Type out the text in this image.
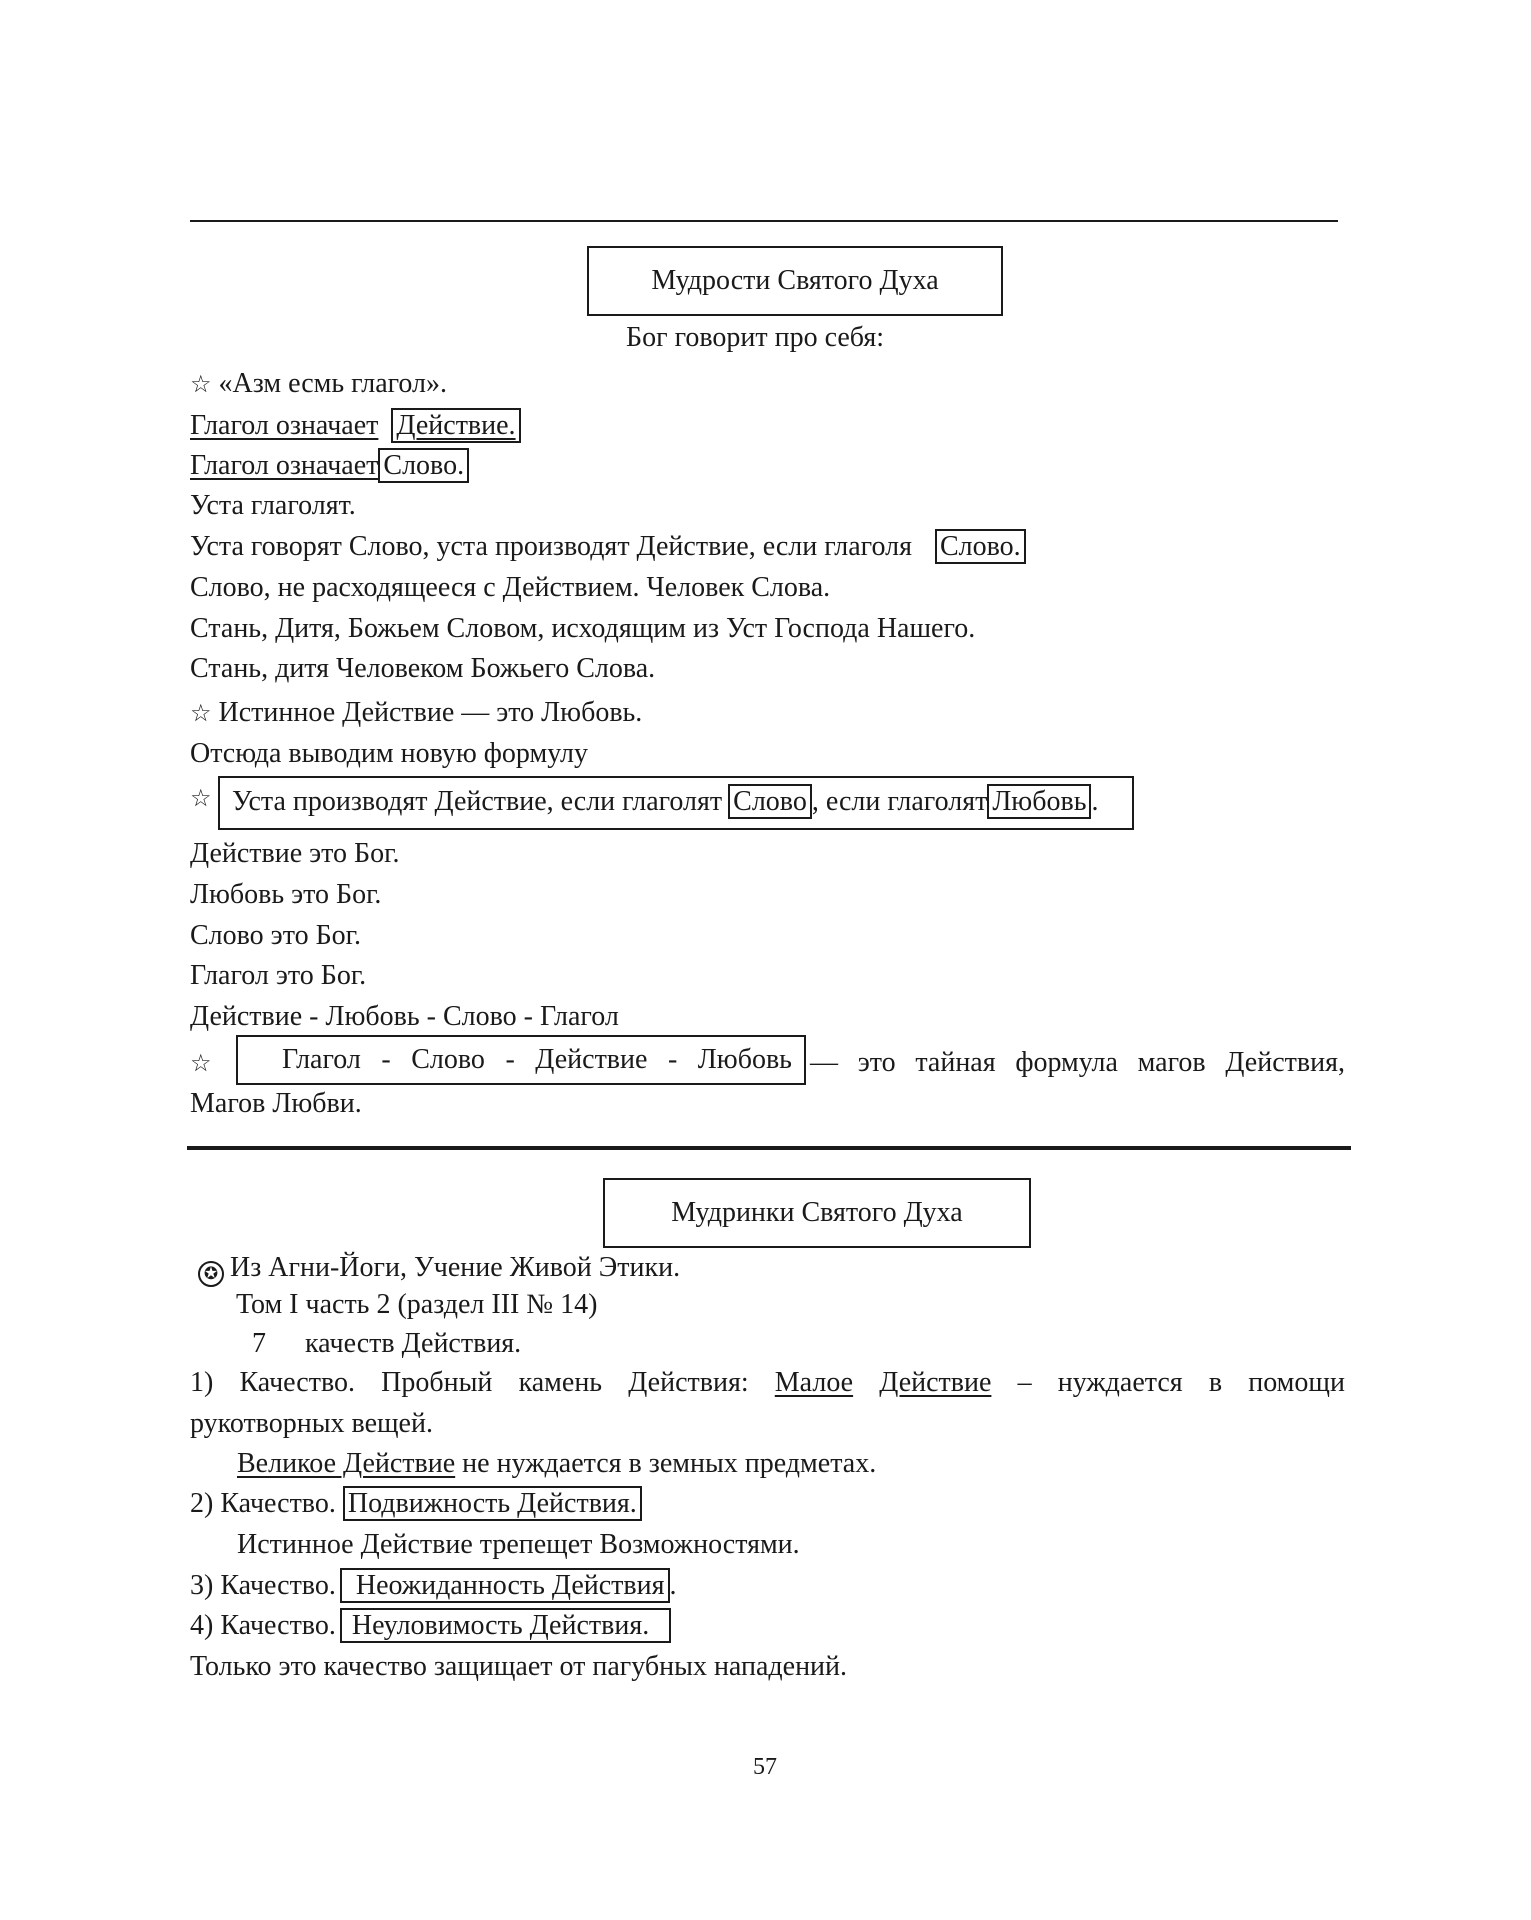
Мудрости Святого Духа
Бог говорит про себя:
☆ «Азм есмь глагол».
Глагол означает Действие.
Глагол означает Слово.
Уста глаголят.
Уста говорят Слово, уста производят Действие, если глаголя Слово.
Слово, не расходящееся с Действием. Человек Слова.
Стань, Дитя, Божьем Словом, исходящим из Уст Господа Нашего.
Стань, дитя Человеком Божьего Слова.
☆ Истинное Действие — это Любовь.
Отсюда выводим новую формулу
☆ Уста производят Действие, если глаголят Слово , если глаголят Любовь .
Действие это Бог.
Любовь это Бог.
Слово это Бог.
Глагол это Бог.
Действие - Любовь - Слово - Глагол
☆	Глагол - Слово - Действие - Любовь — это тайная формула магов Действия,
Магов Любви.
Мудринки Святого Духа
✪ Из Агни-Йоги, Учение Живой Этики.
Том I часть 2 (раздел III № 14)
7 качеств Действия.
1) Качество. Пробный камень Действия: Малое Действие – нуждается в помощи
рукотворных вещей.
Великое Действие не нуждается в земных предметах.
2) Качество. Подвижность Действия.
Истинное Действие трепещет Возможностями.
3) Качество. Неожиданность Действия .
4) Качество. Неуловимость Действия.
Только это качество защищает от пагубных нападений.
57
